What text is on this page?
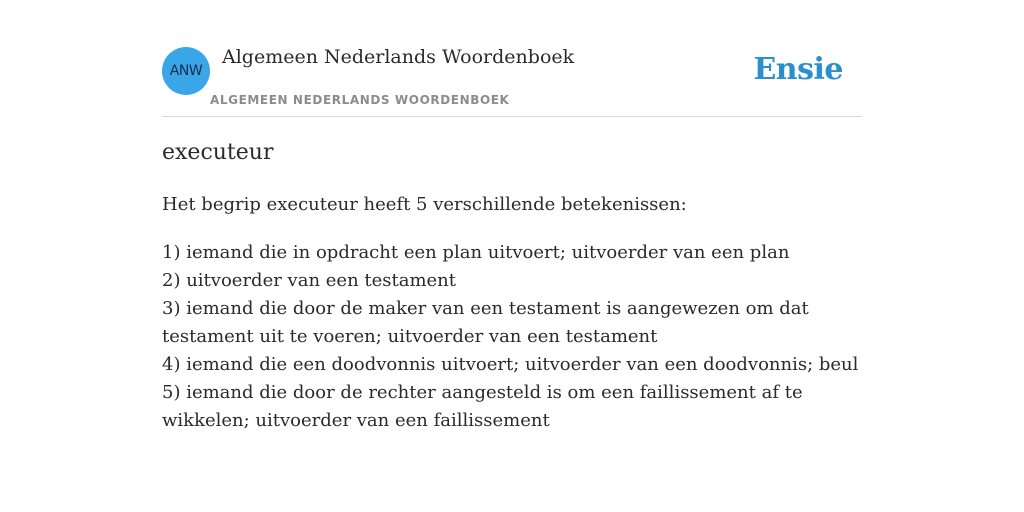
ANW
Algemeen Nederlands Woordenboek
ALGEMEEN NEDERLANDS WOORDENBOEK
Ensie
executeur

Het begrip executeur heeft 5 verschillende betekenissen:

1) iemand die in opdracht een plan uitvoert; uitvoerder van een plan
2) uitvoerder van een testament
3) iemand die door de maker van een testament is aangewezen om dat testament uit te voeren; uitvoerder van een testament
4) iemand die een doodvonnis uitvoert; uitvoerder van een doodvonnis; beul
5) iemand die door de rechter aangesteld is om een faillissement af te wikkelen; uitvoerder van een faillissement
